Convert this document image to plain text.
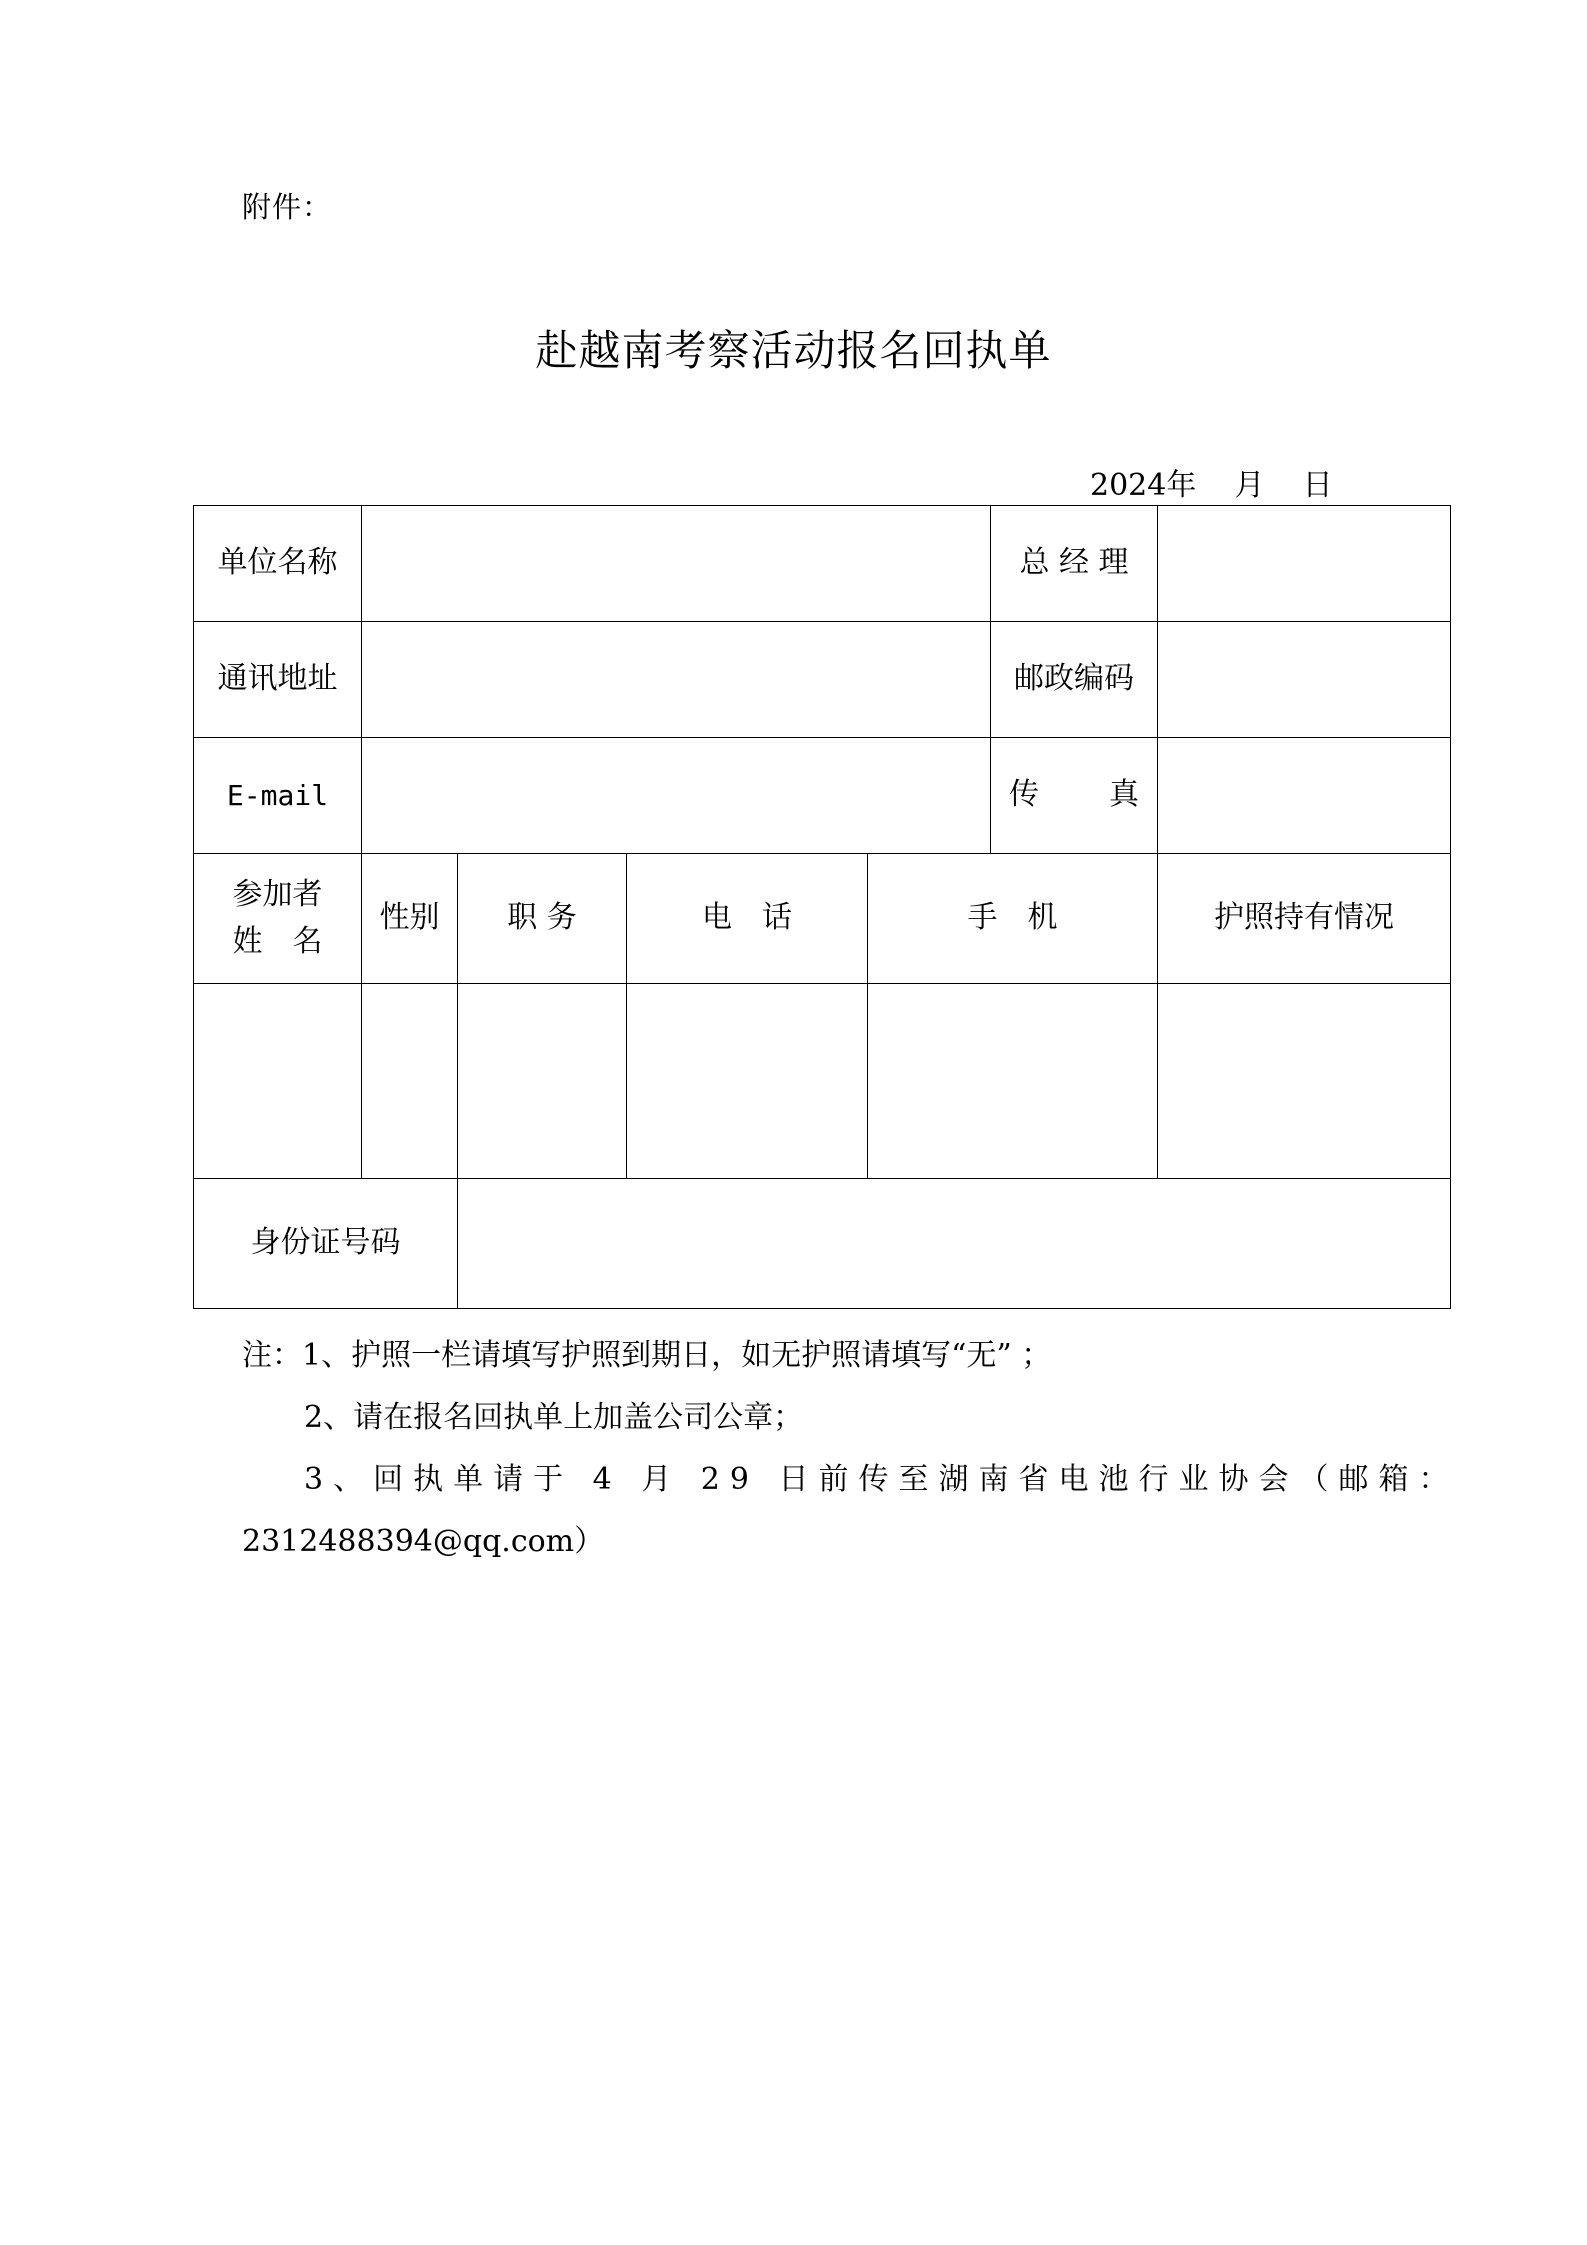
附件：
赴越南考察活动报名回执单
2024年 月 日
单位名称					总 经 理	
通讯地址					邮政编码	
E-mail					传 真	

参加者
姓　名	性别	职 务	电　话	手　机		护照持有情况

身份证号码						
注：1、护照一栏请填写护照到期日，如无护照请填写“无” ；
2、请在报名回执单上加盖公司公章；
3、回执单请于 4 月 29 日前传至湖南省电池行业协会（邮箱：
2312488394@qq.com）
